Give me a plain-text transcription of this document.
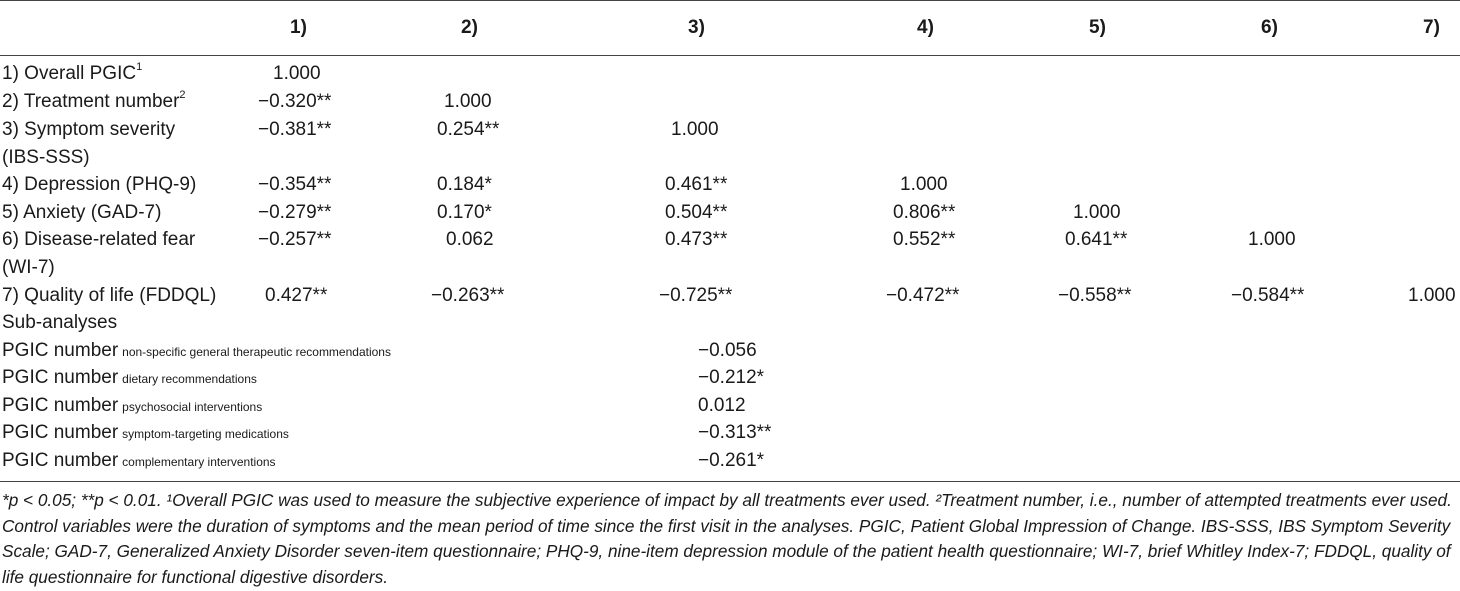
1)	2)	3)	4)	5)	6)	7)
1) Overall PGIC$^1$	1.000
2) Treatment number$^2$	−0.320**	1.000
3) Symptom severity
(IBS-SSS)
−0.381**	0.254**	1.000
4) Depression (PHQ-9)	−0.354**	0.184*	0.461**	1.000
5) Anxiety (GAD-7)	−0.279**	0.170*	0.504**	0.806**	1.000
6) Disease-related fear
(WI-7)
−0.257**	0.062	0.473**	0.552**	0.641**	1.000
7) Quality of life (FDDQL)	0.427**	−0.263**	−0.725**	−0.472**	−0.558**	−0.584**	1.000
Sub-analyses
PGIC number non-specific general therapeutic recommendations	−0.056
PGIC number dietary recommendations	−0.212*
PGIC number psychosocial interventions	0.012
PGIC number symptom-targeting medications	−0.313**
PGIC number complementary interventions	−0.261*
*p < 0.05; **p < 0.01. ¹Overall PGIC was used to measure the subjective experience of impact by all treatments ever used. ²Treatment number, i.e., number of attempted treatments ever used. Control variables were the duration of symptoms and the mean period of time since the first visit in the analyses. PGIC, Patient Global Impression of Change. IBS-SSS, IBS Symptom Severity Scale; GAD-7, Generalized Anxiety Disorder seven-item questionnaire; PHQ-9, nine-item depression module of the patient health questionnaire; WI-7, brief Whitley Index-7; FDDQL, quality of life questionnaire for functional digestive disorders.
